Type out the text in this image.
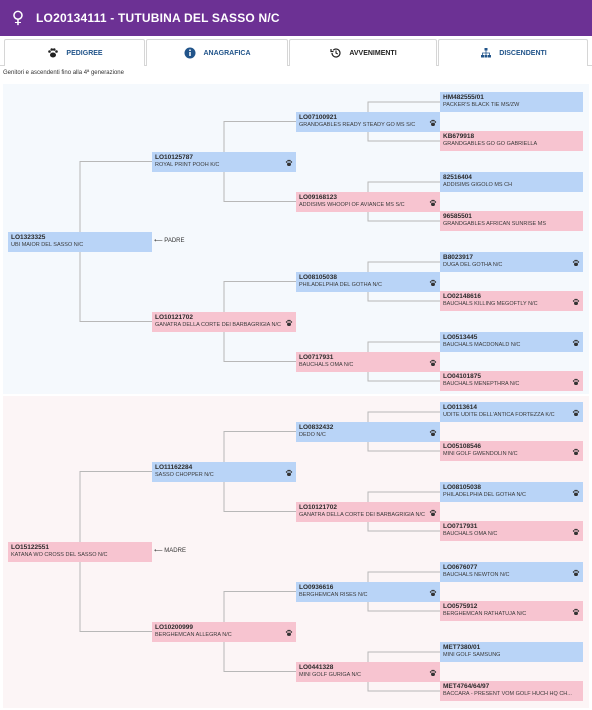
♀ LO20134111 - TUTUBINA DEL SASSO N/C
PEDIGREE	ANAGRAFICA	AVVENIMENTI	DISCENDENTI
Genitori e ascendenti fino alla 4ª generazione
LO1323325
UBI MAIOR DEL SASSO N/C
LO15122551
KATANA WO CROSS DEL SASSO N/C
LO10125787
ROYAL PRINT POOH K/C
LO10121702
GANATRA DELLA CORTE DEI BARBAGRIGIA N/C
LO11162284
SASSO CHOPPER N/C
LO10200999
BERGHEMCAN ALLEGRA N/C
LO07100921
GRANDGABLES READY STEADY GO MS S/C
LO09168123
ADDISIMS WHOOPI OF AVIANCE MS S/C
LO08105038
PHILADELPHIA DEL GOTHA N/C
LO0717931
BAUCHALS OMA N/C
LO0832432
DEDO N/C
LO10121702
GANATRA DELLA CORTE DEI BARBAGRIGIA N/C
LO0936616
BERGHEMCAN RISES N/C
LO0441328
MINI GOLF GURIGA N/C
HM482555/01
PACKER'S BLACK TIE MS/ZW
KB679918
GRANDGABLES GO GO GABRIELLA
82516404
ADDISIMS GIGOLO MS CH
96585501
GRANDGABLES AFRICAN SUNRISE MS
B8023917
DUGA DEL GOTHA N/C
LO02148616
BAUCHALS KILLING MEGOFTLY N/C
LO0513445
BAUCHALS MACDONALD N/C
LO04101875
BAUCHALS MENEPTHRA N/C
LO0113614
UDITE UDITE DELL'ANTICA FORTEZZA K/C
LO05108546
MINI GOLF GWENDOLIN N/C
LO08105038
PHILADELPHIA DEL GOTHA N/C
LO0717931
BAUCHALS OMA N/C
LO0676077
BAUCHALS NEWTON N/C
LO0575912
BERGHEMCAN RATHATUJA N/C
MET7380/01
MINI GOLF SAMSUNG
MET4764/64/97
BACCARA - PRESENT VOM GOLF HUCH HQ CH...
⟵ PADRE
⟵ MADRE
